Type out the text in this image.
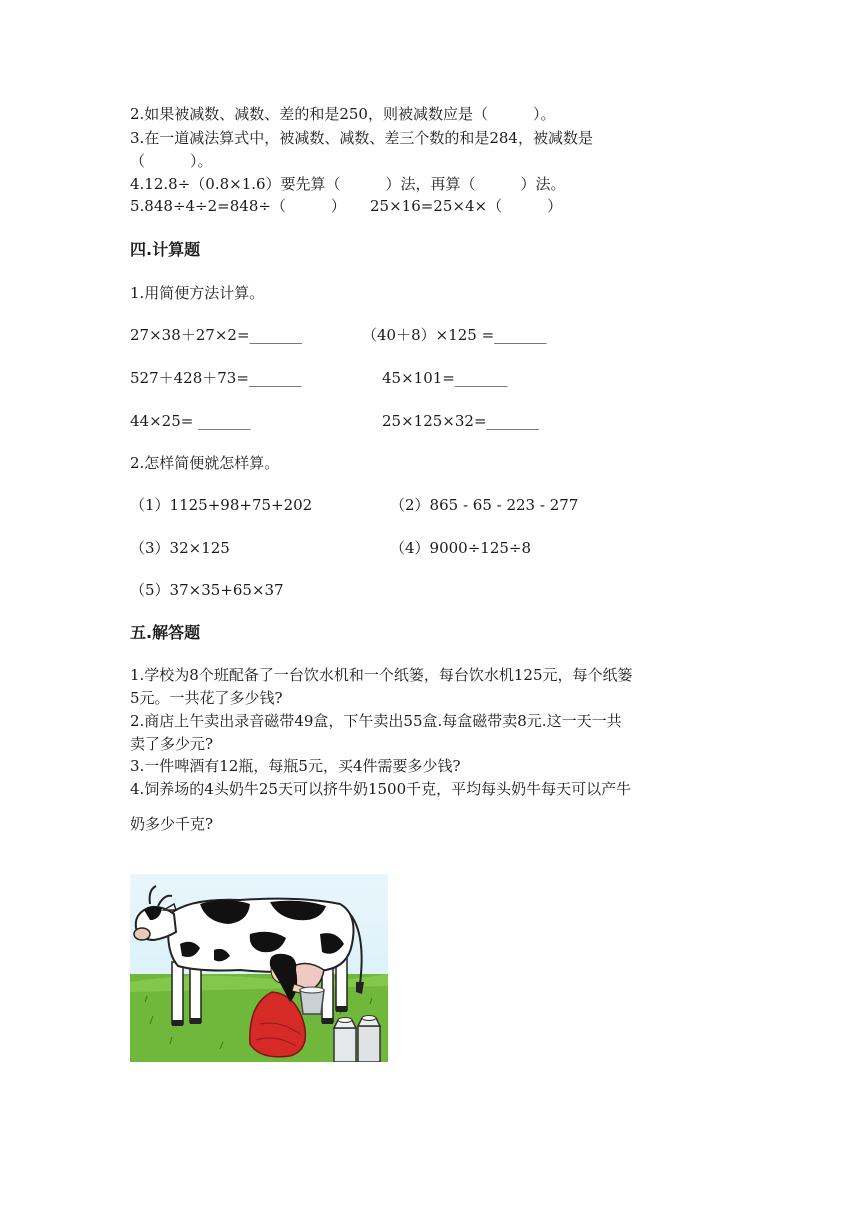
2.如果被减数、减数、差的和是250，则被减数应是（　　　）。
3.在一道减法算式中，被减数、减数、差三个数的和是284，被减数是
（　　　）。
4.12.8÷（0.8×1.6）要先算（　　　）法，再算（　　　）法。
5.848÷4÷2=848÷（　　　） 25×16=25×4×（　　　）
四.计算题
1.用简便方法计算。
27×38＋27×2=_______	（40＋8）×125 =_______
527＋428＋73=_______	45×101=_______
44×25= _______	25×125×32=_______
2.怎样简便就怎样算。
（1）1125+98+75+202	（2）865 - 65 - 223 - 277
（3）32×125	（4）9000÷125÷8
（5）37×35+65×37
五.解答题
1.学校为8个班配备了一台饮水机和一个纸篓，每台饮水机125元，每个纸篓
5元。一共花了多少钱?
2.商店上午卖出录音磁带49盒，下午卖出55盒.每盒磁带卖8元.这一天一共
卖了多少元?
3.一件啤酒有12瓶，每瓶5元，买4件需要多少钱?
4.饲养场的4头奶牛25天可以挤牛奶1500千克，平均每头奶牛每天可以产牛
奶多少千克?
